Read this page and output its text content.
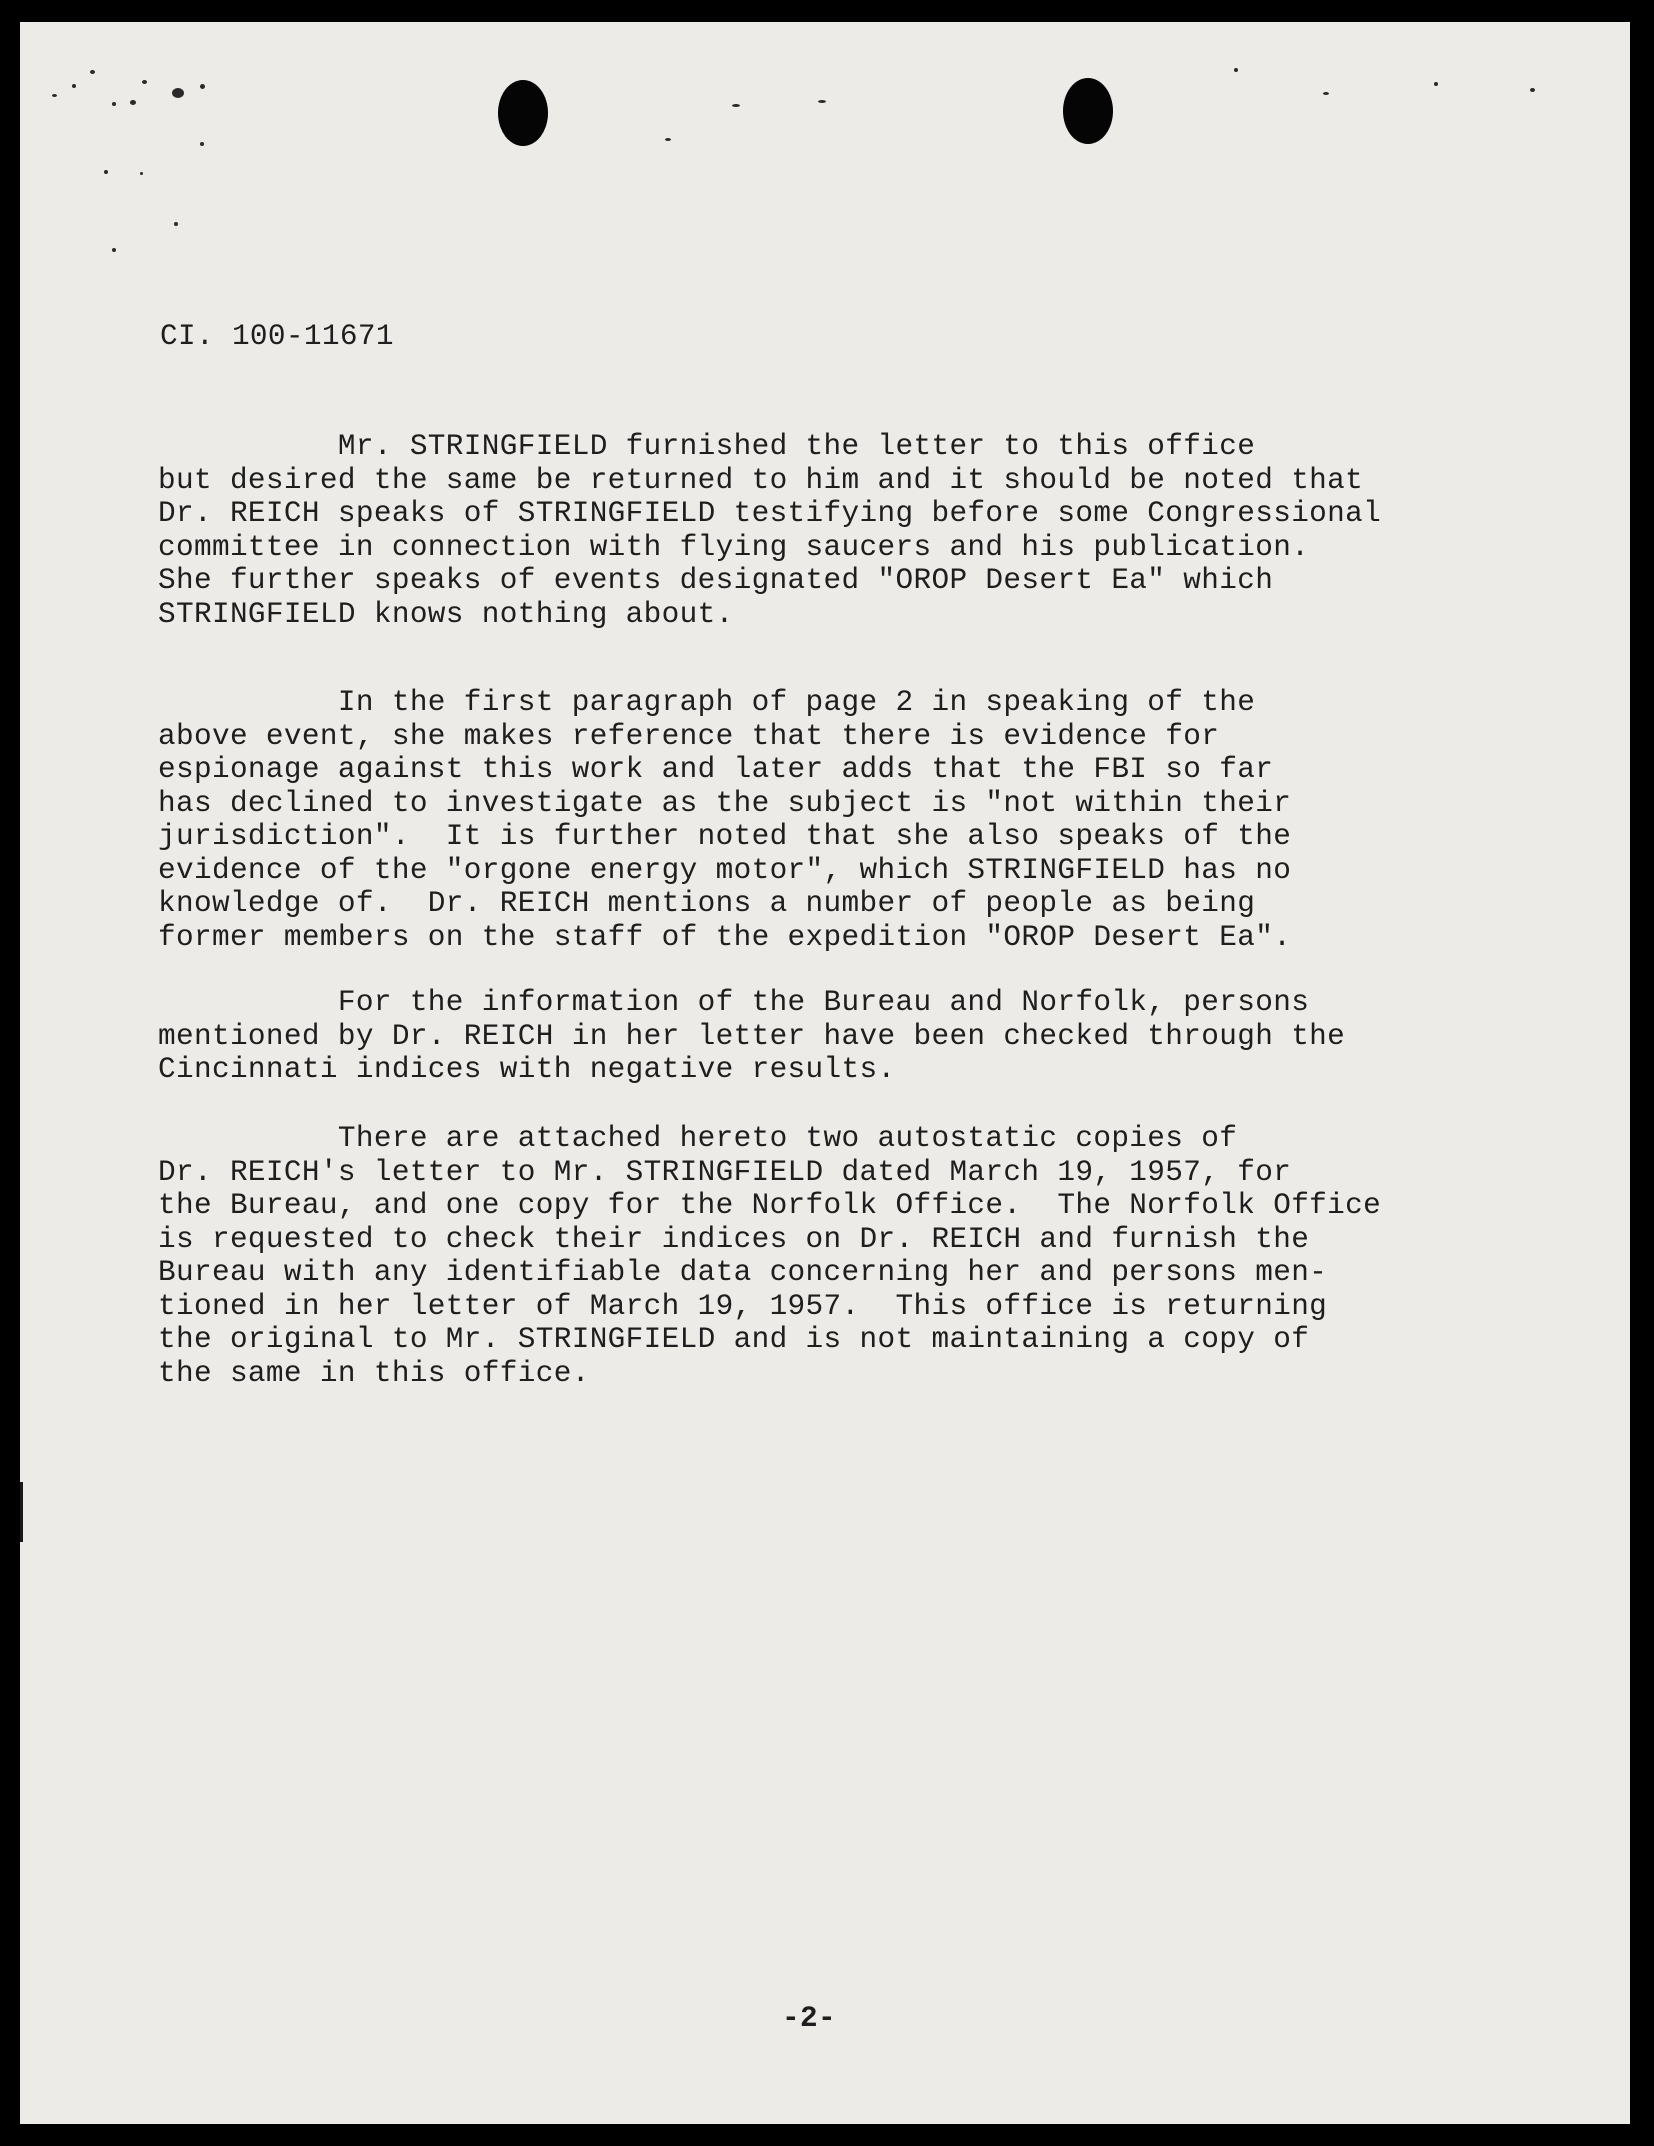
CI. 100-11671

Mr. STRINGFIELD furnished the letter to this office
but desired the same be returned to him and it should be noted that
Dr. REICH speaks of STRINGFIELD testifying before some Congressional
committee in connection with flying saucers and his publication.
She further speaks of events designated "OROP Desert Ea" which
STRINGFIELD knows nothing about.

In the first paragraph of page 2 in speaking of the
above event, she makes reference that there is evidence for
espionage against this work and later adds that the FBI so far
has declined to investigate as the subject is "not within their
jurisdiction".  It is further noted that she also speaks of the
evidence of the "orgone energy motor", which STRINGFIELD has no
knowledge of.  Dr. REICH mentions a number of people as being
former members on the staff of the expedition "OROP Desert Ea".

For the information of the Bureau and Norfolk, persons
mentioned by Dr. REICH in her letter have been checked through the
Cincinnati indices with negative results.

There are attached hereto two autostatic copies of
Dr. REICH's letter to Mr. STRINGFIELD dated March 19, 1957, for
the Bureau, and one copy for the Norfolk Office.  The Norfolk Office
is requested to check their indices on Dr. REICH and furnish the
Bureau with any identifiable data concerning her and persons men-
tioned in her letter of March 19, 1957.  This office is returning
the original to Mr. STRINGFIELD and is not maintaining a copy of
the same in this office.

-2-
